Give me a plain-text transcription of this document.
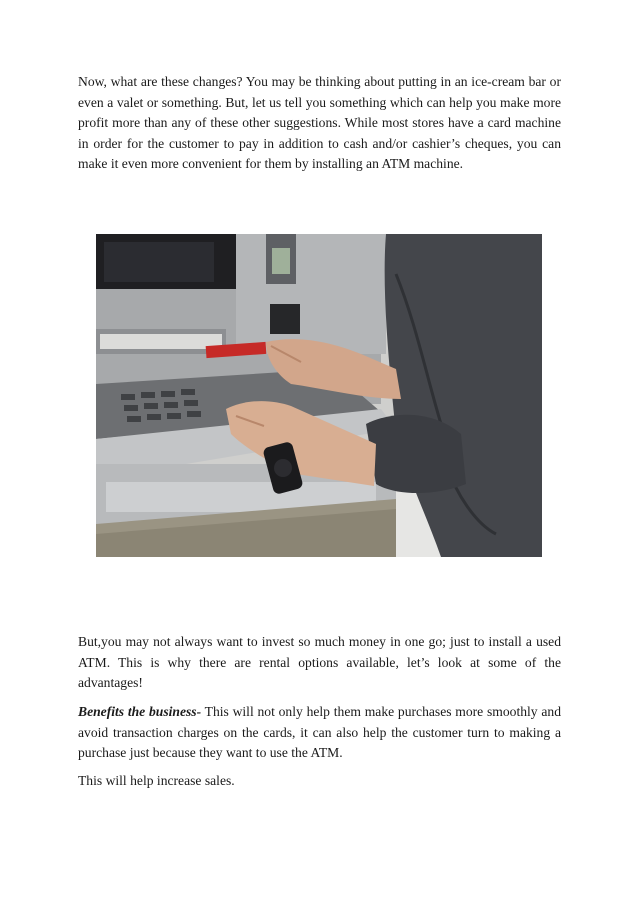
Now, what are these changes? You may be thinking about putting in an ice-cream bar or even a valet or something. But, let us tell you something which can help you make more profit more than any of these other suggestions. While most stores have a card machine in order for the customer to pay in addition to cash and/or cashier’s cheques, you can make it even more convenient for them by installing an ATM machine.

But,you may not always want to invest so much money in one go; just to install a used ATM. This is why there are rental options available, let’s look at some of the advantages!

Benefits the business- This will not only help them make purchases more smoothly and avoid transaction charges on the cards, it can also help the customer turn to making a purchase just because they want to use the ATM.

This will help increase sales.
